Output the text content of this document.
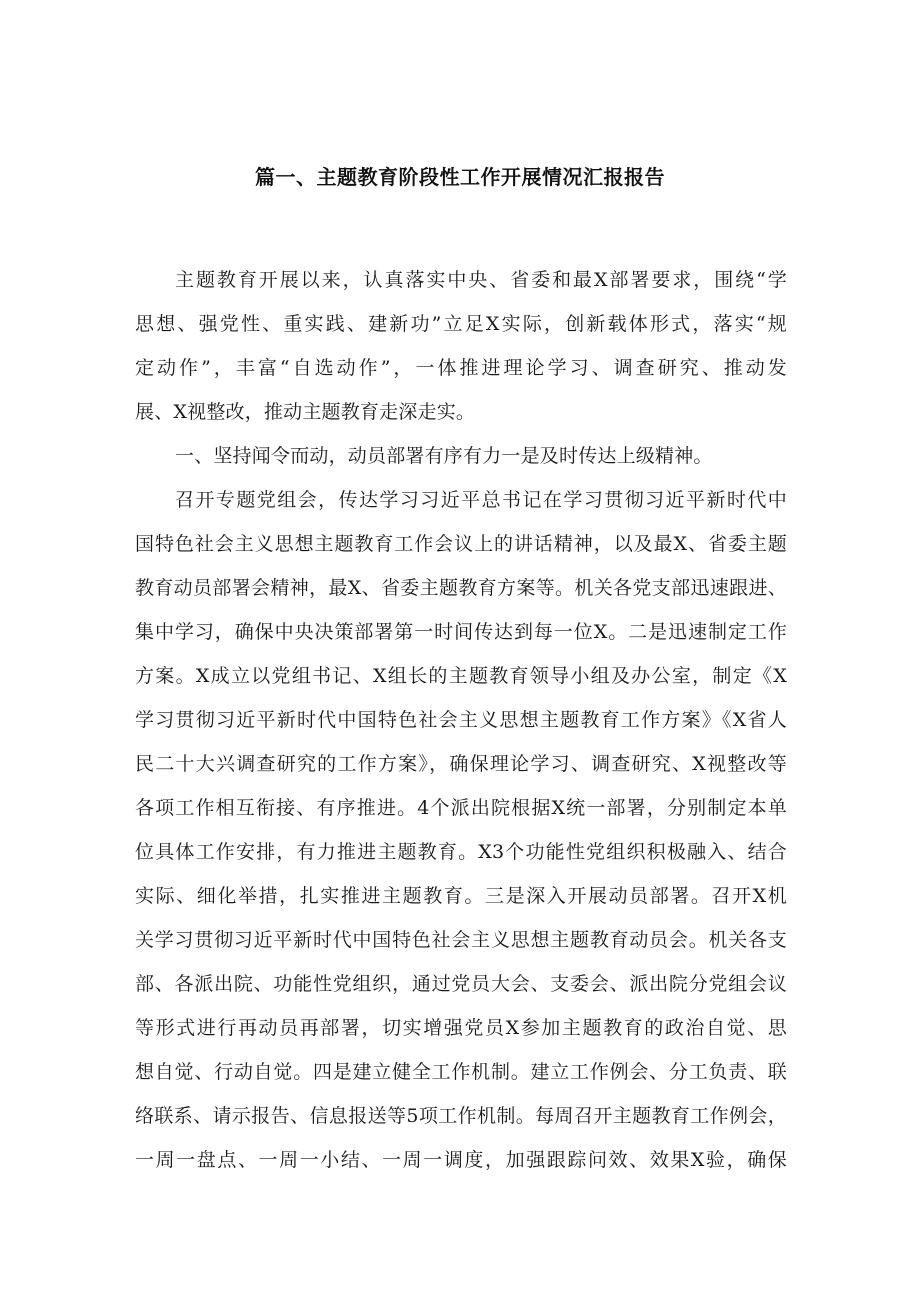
篇一、主题教育阶段性工作开展情况汇报报告
主题教育开展以来，认真落实中央、省委和最X部署要求，围绕“学
思想、强党性、重实践、建新功”立足X实际，创新载体形式，落实“规
定动作”，丰富“自选动作”，一体推进理论学习、调查研究、推动发
展、X视整改，推动主题教育走深走实。
一、坚持闻令而动，动员部署有序有力一是及时传达上级精神。
召开专题党组会，传达学习习近平总书记在学习贯彻习近平新时代中
国特色社会主义思想主题教育工作会议上的讲话精神，以及最X、省委主题
教育动员部署会精神，最X、省委主题教育方案等。机关各党支部迅速跟进、
集中学习，确保中央决策部署第一时间传达到每一位X。二是迅速制定工作
方案。X成立以党组书记、X组长的主题教育领导小组及办公室，制定《X
学习贯彻习近平新时代中国特色社会主义思想主题教育工作方案》《X省人
民二十大兴调查研究的工作方案》，确保理论学习、调查研究、X视整改等
各项工作相互衔接、有序推进。4个派出院根据X统一部署，分别制定本单
位具体工作安排，有力推进主题教育。X3个功能性党组织积极融入、结合
实际、细化举措，扎实推进主题教育。三是深入开展动员部署。召开X机
关学习贯彻习近平新时代中国特色社会主义思想主题教育动员会。机关各支
部、各派出院、功能性党组织，通过党员大会、支委会、派出院分党组会议
等形式进行再动员再部署，切实增强党员X参加主题教育的政治自觉、思
想自觉、行动自觉。四是建立健全工作机制。建立工作例会、分工负责、联
络联系、请示报告、信息报送等5项工作机制。每周召开主题教育工作例会，
一周一盘点、一周一小结、一周一调度，加强跟踪问效、效果X验，确保
